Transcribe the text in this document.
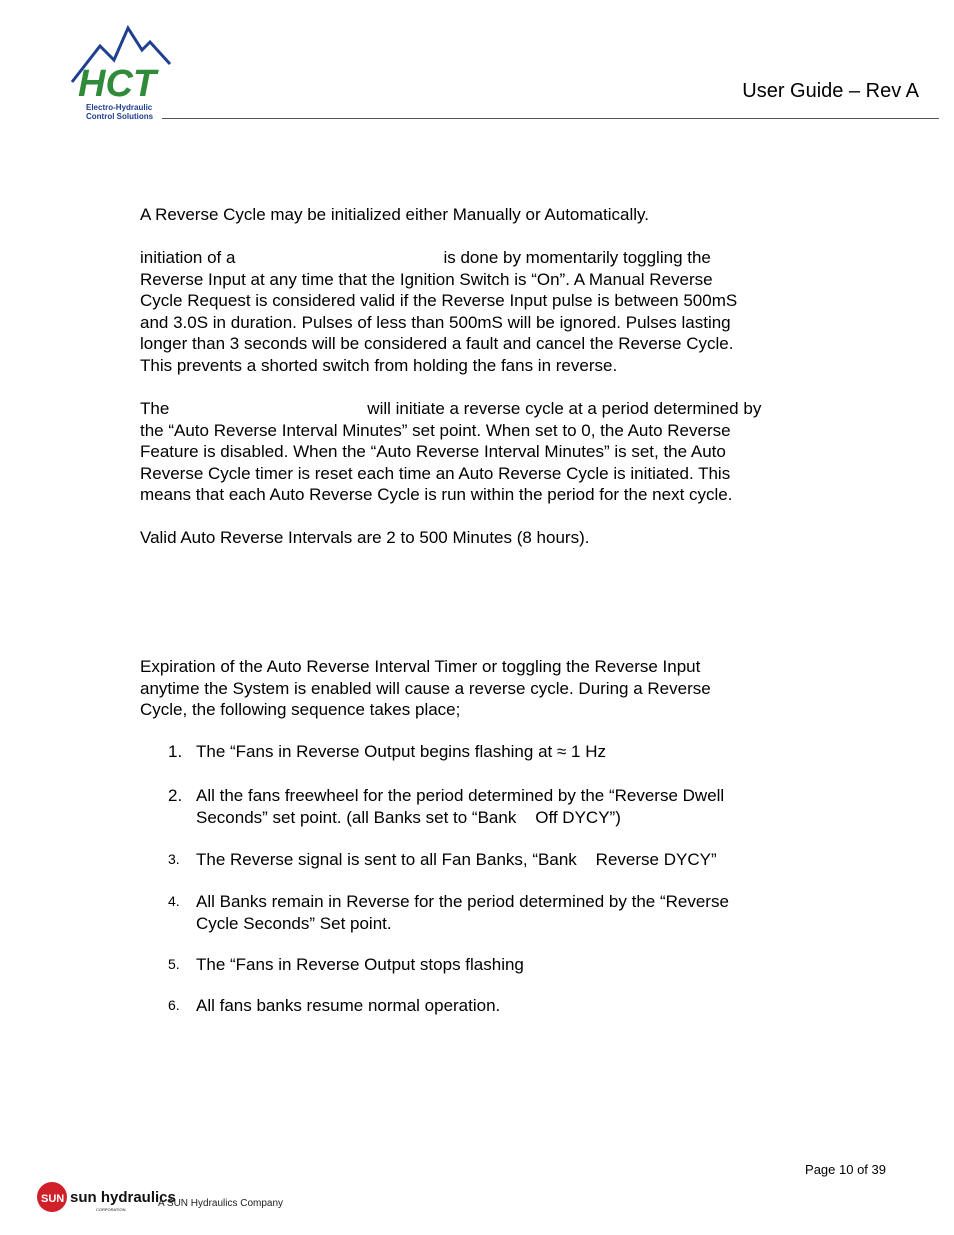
HCT
Electro-Hydraulic
Control Solutions
User Guide – Rev A
A Reverse Cycle may be initialized either Manually or Automatically.
initiation of a	is done by momentarily toggling the
Reverse Input at any time that the Ignition Switch is “On”. A Manual Reverse
Cycle Request is considered valid if the Reverse Input pulse is between 500mS
and 3.0S in duration. Pulses of less than 500mS will be ignored. Pulses lasting
longer than 3 seconds will be considered a fault and cancel the Reverse Cycle.
This prevents a shorted switch from holding the fans in reverse.
The	will initiate a reverse cycle at a period determined by
the “Auto Reverse Interval Minutes” set point. When set to 0, the Auto Reverse
Feature is disabled. When the “Auto Reverse Interval Minutes” is set, the Auto
Reverse Cycle timer is reset each time an Auto Reverse Cycle is initiated. This
means that each Auto Reverse Cycle is run within the period for the next cycle.
Valid Auto Reverse Intervals are 2 to 500 Minutes (8 hours).
Expiration of the Auto Reverse Interval Timer or toggling the Reverse Input
anytime the System is enabled will cause a reverse cycle. During a Reverse
Cycle, the following sequence takes place;
1. The “Fans in Reverse Output begins flashing at ≈ 1 Hz
2. All the fans freewheel for the period determined by the “Reverse Dwell
Seconds” set point. (all Banks set to “Bank    Off DYCY”)
3. The Reverse signal is sent to all Fan Banks, “Bank    Reverse DYCY”
4. All Banks remain in Reverse for the period determined by the “Reverse
Cycle Seconds” Set point.
5. The “Fans in Reverse Output stops flashing
6. All fans banks resume normal operation.
Page 10 of 39
SUN sun hydraulics
CORPORATION
A SUN Hydraulics Company
